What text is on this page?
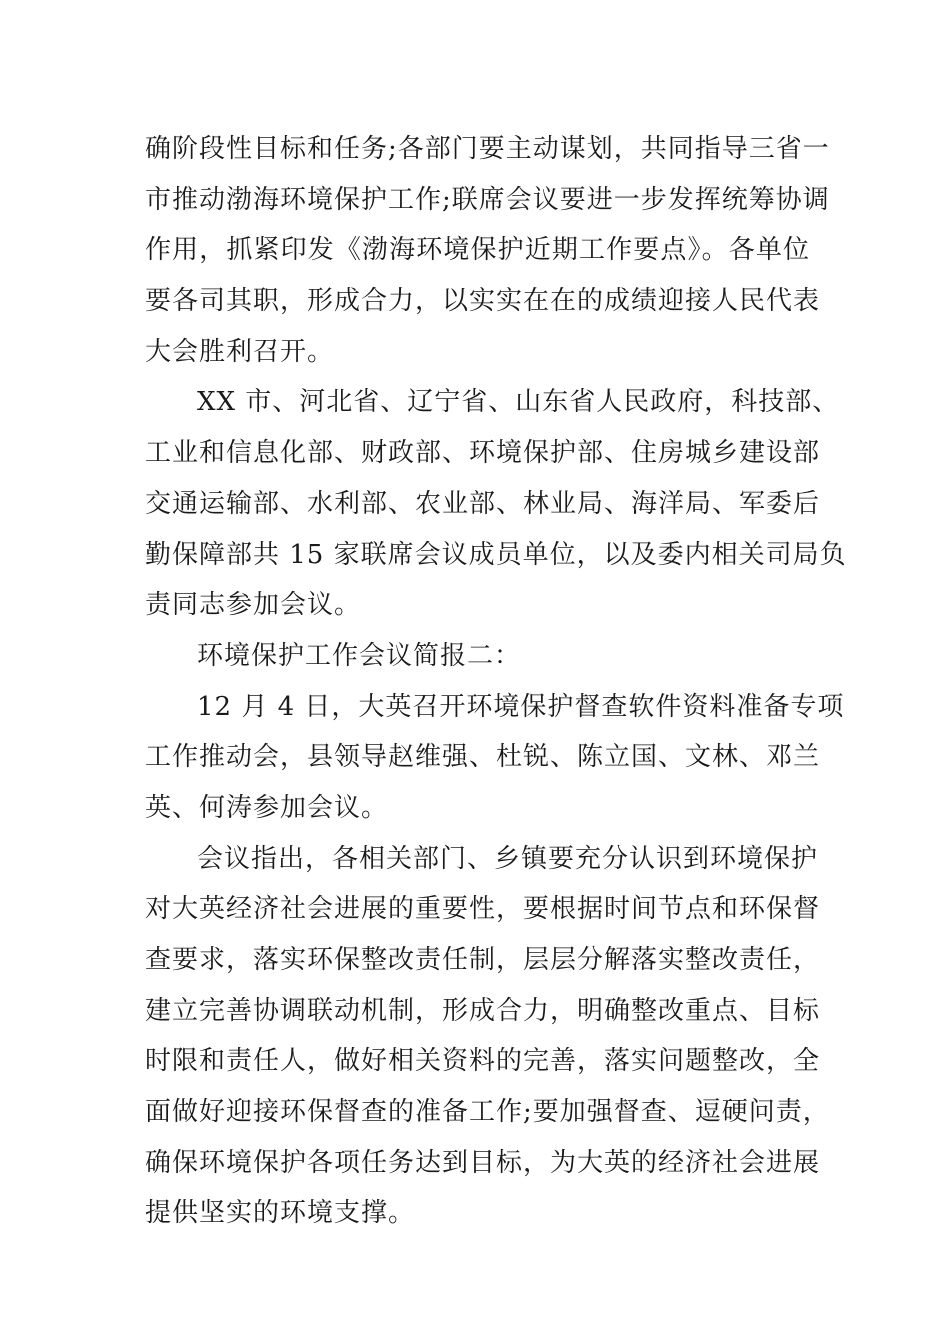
确阶段性目标和任务;各部门要主动谋划，共同指导三省一
市推动渤海环境保护工作;联席会议要进一步发挥统筹协调
作用，抓紧印发《渤海环境保护近期工作要点》。各单位
要各司其职，形成合力，以实实在在的成绩迎接人民代表
大会胜利召开。
XX 市、河北省、辽宁省、山东省人民政府，科技部、
工业和信息化部、财政部、环境保护部、住房城乡建设部
交通运输部、水利部、农业部、林业局、海洋局、军委后
勤保障部共 15 家联席会议成员单位，以及委内相关司局负
责同志参加会议。
环境保护工作会议简报二：
12 月 4 日，大英召开环境保护督查软件资料准备专项
工作推动会，县领导赵维强、杜锐、陈立国、文林、邓兰
英、何涛参加会议。
会议指出，各相关部门、乡镇要充分认识到环境保护
对大英经济社会进展的重要性，要根据时间节点和环保督
查要求，落实环保整改责任制，层层分解落实整改责任，
建立完善协调联动机制，形成合力，明确整改重点、目标
时限和责任人，做好相关资料的完善，落实问题整改，全
面做好迎接环保督查的准备工作;要加强督查、逗硬问责，
确保环境保护各项任务达到目标，为大英的经济社会进展
提供坚实的环境支撑。
